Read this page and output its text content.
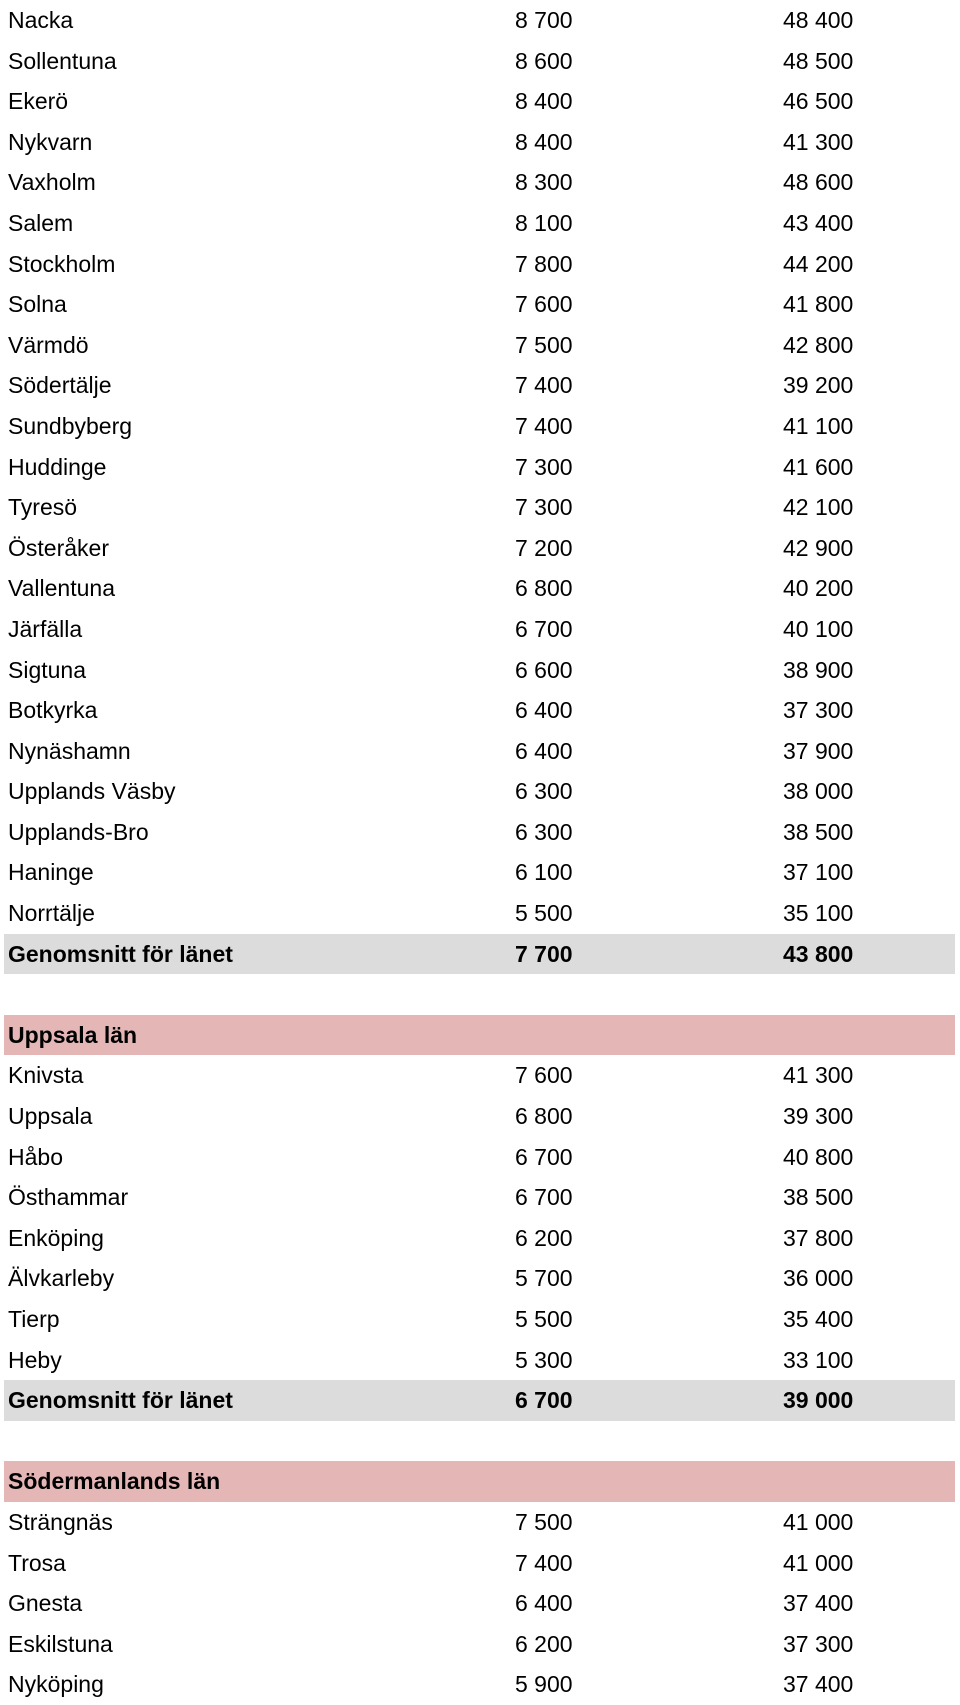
Nacka	8 700	48 400
Sollentuna	8 600	48 500
Ekerö	8 400	46 500
Nykvarn	8 400	41 300
Vaxholm	8 300	48 600
Salem	8 100	43 400
Stockholm	7 800	44 200
Solna	7 600	41 800
Värmdö	7 500	42 800
Södertälje	7 400	39 200
Sundbyberg	7 400	41 100
Huddinge	7 300	41 600
Tyresö	7 300	42 100
Österåker	7 200	42 900
Vallentuna	6 800	40 200
Järfälla	6 700	40 100
Sigtuna	6 600	38 900
Botkyrka	6 400	37 300
Nynäshamn	6 400	37 900
Upplands Väsby	6 300	38 000
Upplands-Bro	6 300	38 500
Haninge	6 100	37 100
Norrtälje	5 500	35 100
Genomsnitt för länet	7 700	43 800
Uppsala län
Knivsta	7 600	41 300
Uppsala	6 800	39 300
Håbo	6 700	40 800
Östhammar	6 700	38 500
Enköping	6 200	37 800
Älvkarleby	5 700	36 000
Tierp	5 500	35 400
Heby	5 300	33 100
Genomsnitt för länet	6 700	39 000
Södermanlands län
Strängnäs	7 500	41 000
Trosa	7 400	41 000
Gnesta	6 400	37 400
Eskilstuna	6 200	37 300
Nyköping	5 900	37 400
